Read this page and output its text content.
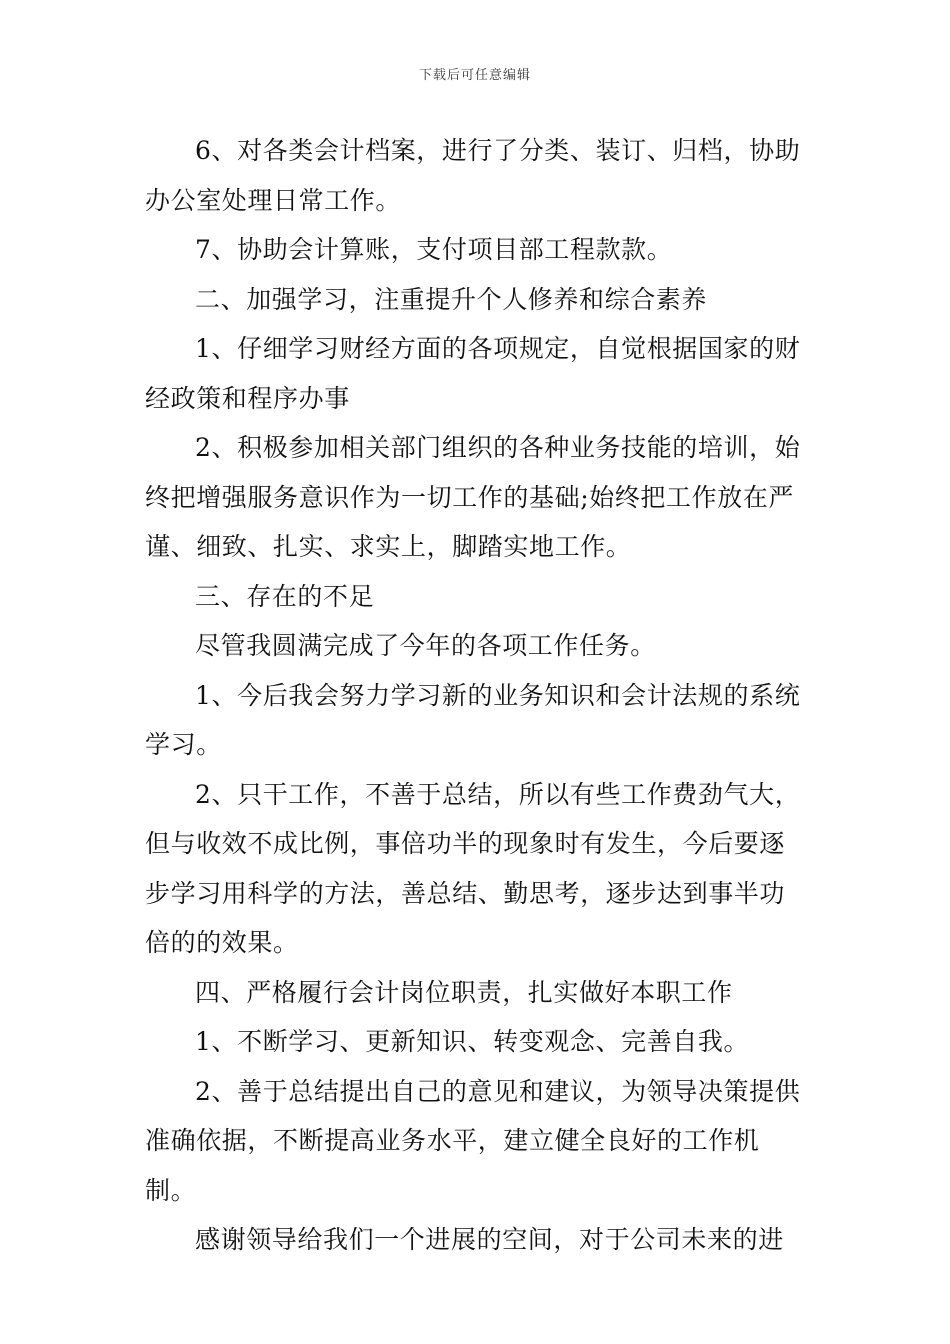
下载后可任意编辑

6、对各类会计档案，进行了分类、装订、归档，协助办公室处理日常工作。

7、协助会计算账，支付项目部工程款款。

二、加强学习，注重提升个人修养和综合素养

1、仔细学习财经方面的各项规定，自觉根据国家的财经政策和程序办事

2、积极参加相关部门组织的各种业务技能的培训，始终把增强服务意识作为一切工作的基础;始终把工作放在严谨、细致、扎实、求实上，脚踏实地工作。

三、存在的不足

尽管我圆满完成了今年的各项工作任务。

1、今后我会努力学习新的业务知识和会计法规的系统学习。

2、只干工作，不善于总结，所以有些工作费劲气大，但与收效不成比例，事倍功半的现象时有发生，今后要逐步学习用科学的方法，善总结、勤思考，逐步达到事半功倍的的效果。

四、严格履行会计岗位职责，扎实做好本职工作

1、不断学习、更新知识、转变观念、完善自我。

2、善于总结提出自己的意见和建议，为领导决策提供准确依据，不断提高业务水平，建立健全良好的工作机制。

感谢领导给我们一个进展的空间，对于公司未来的进
